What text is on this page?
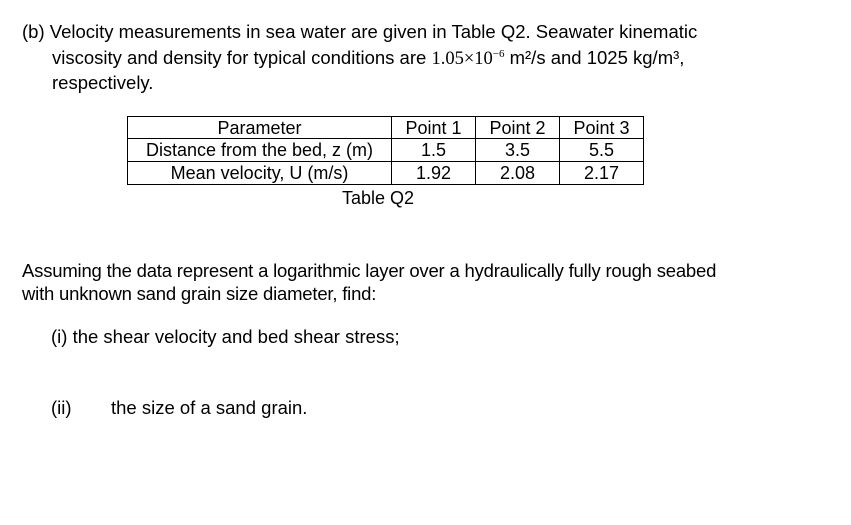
(b) Velocity measurements in sea water are given in Table Q2. Seawater kinematic
viscosity and density for typical conditions are $1.05\times 10^{-6}$ m²/s and 1025 kg/m³,
respectively.
Parameter	Point 1	Point 2	Point 3
Distance from the bed, z (m)	1.5	3.5	5.5
Mean velocity, U (m/s)	1.92	2.08	2.17
Table Q2
Assuming the data represent a logarithmic layer over a hydraulically fully rough seabed
with unknown sand grain size diameter, find:
(i) the shear velocity and bed shear stress;
(ii) the size of a sand grain.
